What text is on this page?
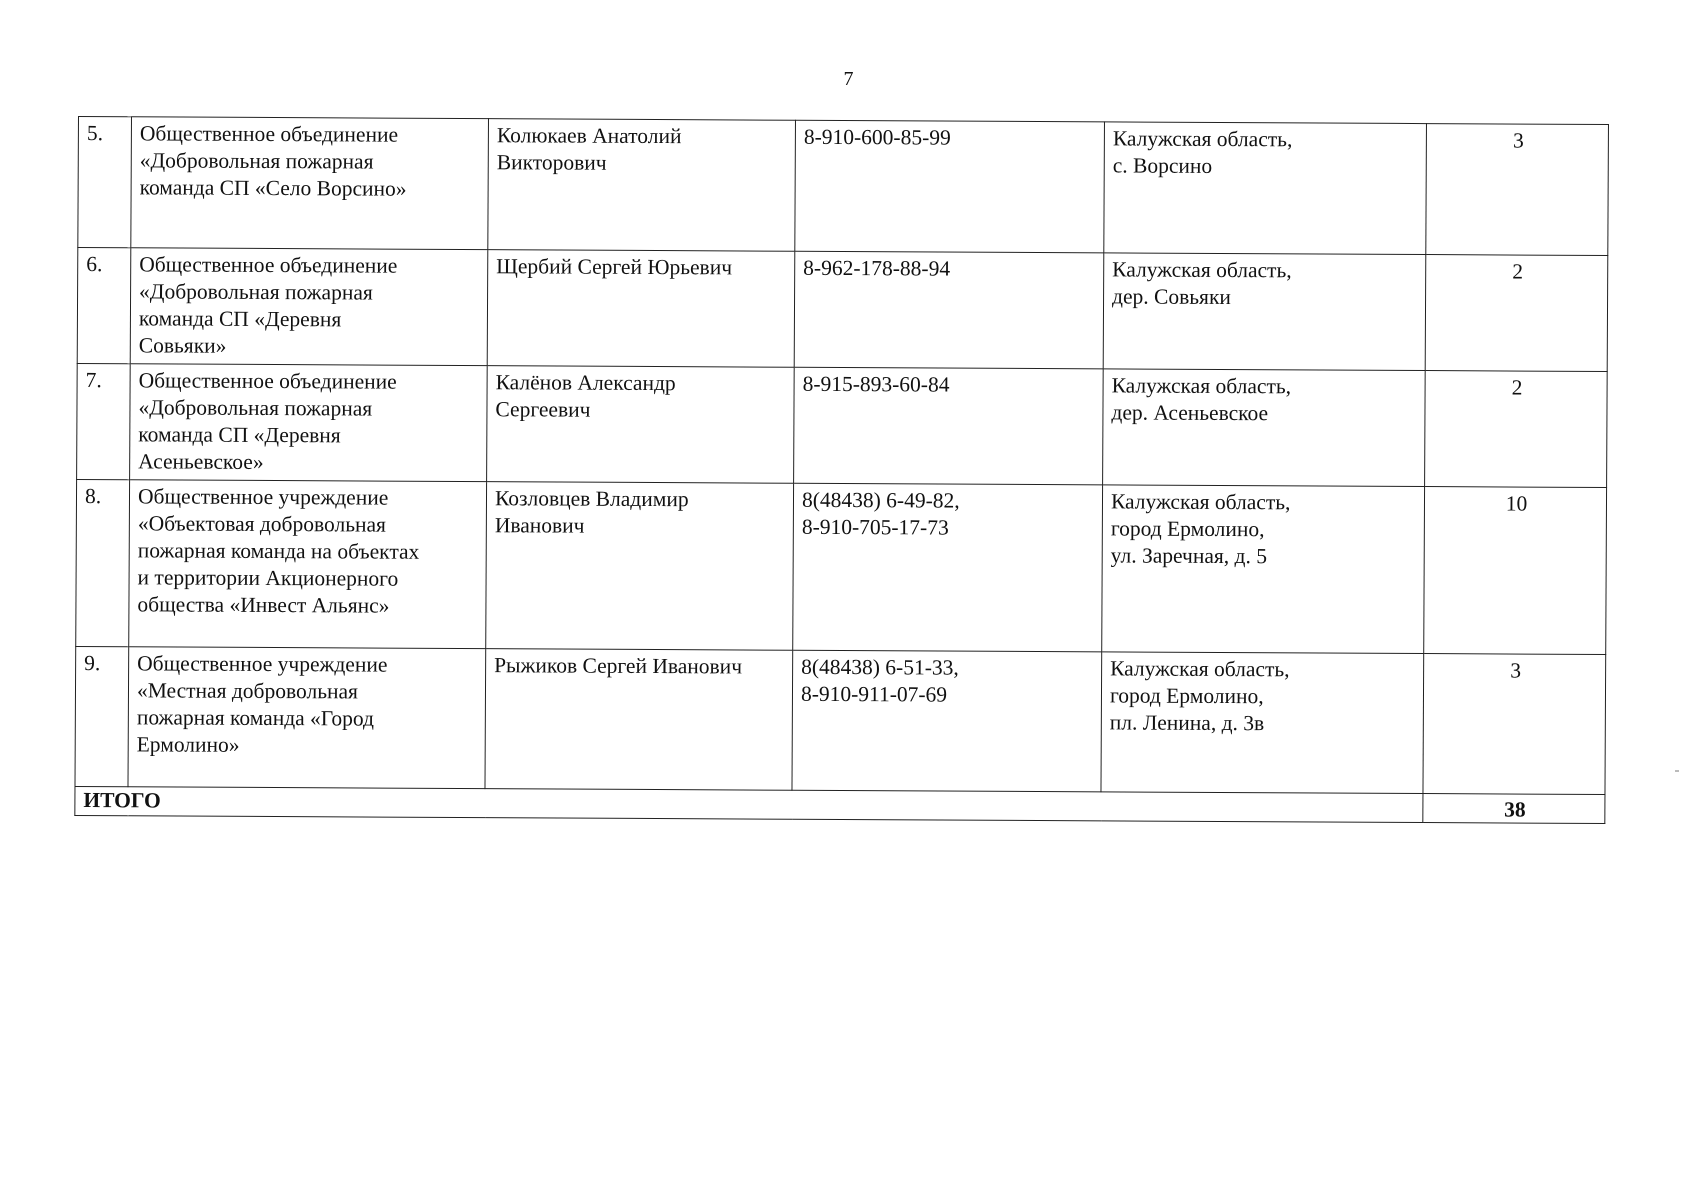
7
5.	Общественное объединение
«Добровольная пожарная
команда СП «Село Ворсино»	Колюкаев Анатолий
Викторович	8-910-600-85-99	Калужская область,
с. Ворсино	3
6.	Общественное объединение
«Добровольная пожарная
команда СП «Деревня
Совьяки»	Щербий Сергей Юрьевич	8-962-178-88-94	Калужская область,
дер. Совьяки	2
7.	Общественное объединение
«Добровольная пожарная
команда СП «Деревня
Асеньевское»	Калёнов Александр
Сергеевич	8-915-893-60-84	Калужская область,
дер. Асеньевское	2
8.	Общественное учреждение
«Объектовая добровольная
пожарная команда на объектах
и территории Акционерного
общества «Инвест Альянс»	Козловцев Владимир
Иванович	8(48438) 6-49-82,
8-910-705-17-73	Калужская область,
город Ермолино,
ул. Заречная, д. 5	10
9.	Общественное учреждение
«Местная добровольная
пожарная команда «Город
Ермолино»	Рыжиков Сергей Иванович	8(48438) 6-51-33,
8-910-911-07-69	Калужская область,
город Ермолино,
пл. Ленина, д. 3в	3
ИТОГО					38
